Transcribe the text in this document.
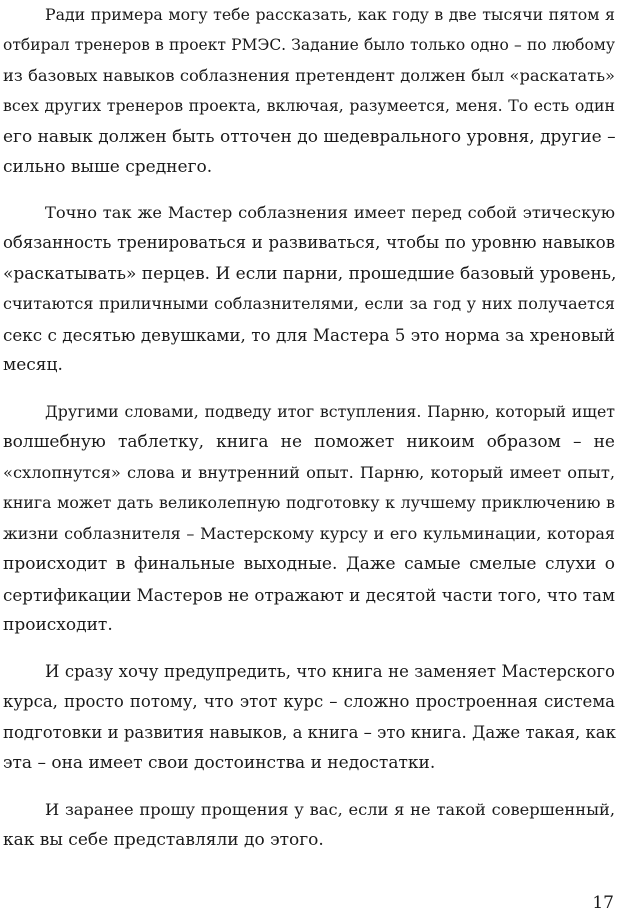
Ради примера могу тебе рассказать, как году в две тысячи пятом я
отбирал тренеров в проект РМЭС. Задание было только одно – по любому
из базовых навыков соблазнения претендент должен был «раскатать»
всех других тренеров проекта, включая, разумеется, меня. То есть один
его навык должен быть отточен до шедеврального уровня, другие –
сильно выше среднего.
Точно так же Мастер соблазнения имеет перед собой этическую
обязанность тренироваться и развиваться, чтобы по уровню навыков
«раскатывать» перцев. И если парни, прошедшие базовый уровень,
считаются приличными соблазнителями, если за год у них получается
секс с десятью девушками, то для Мастера 5 это норма за хреновый
месяц.
Другими словами, подведу итог вступления. Парню, который ищет
волшебную таблетку, книга не поможет никоим образом – не
«схлопнутся» слова и внутренний опыт. Парню, который имеет опыт,
книга может дать великолепную подготовку к лучшему приключению в
жизни соблазнителя – Мастерскому курсу и его кульминации, которая
происходит в финальные выходные. Даже самые смелые слухи о
сертификации Мастеров не отражают и десятой части того, что там
происходит.
И сразу хочу предупредить, что книга не заменяет Мастерского
курса, просто потому, что этот курс – сложно простроенная система
подготовки и развития навыков, а книга – это книга. Даже такая, как
эта – она имеет свои достоинства и недостатки.
И заранее прошу прощения у вас, если я не такой совершенный,
как вы себе представляли до этого.
17
